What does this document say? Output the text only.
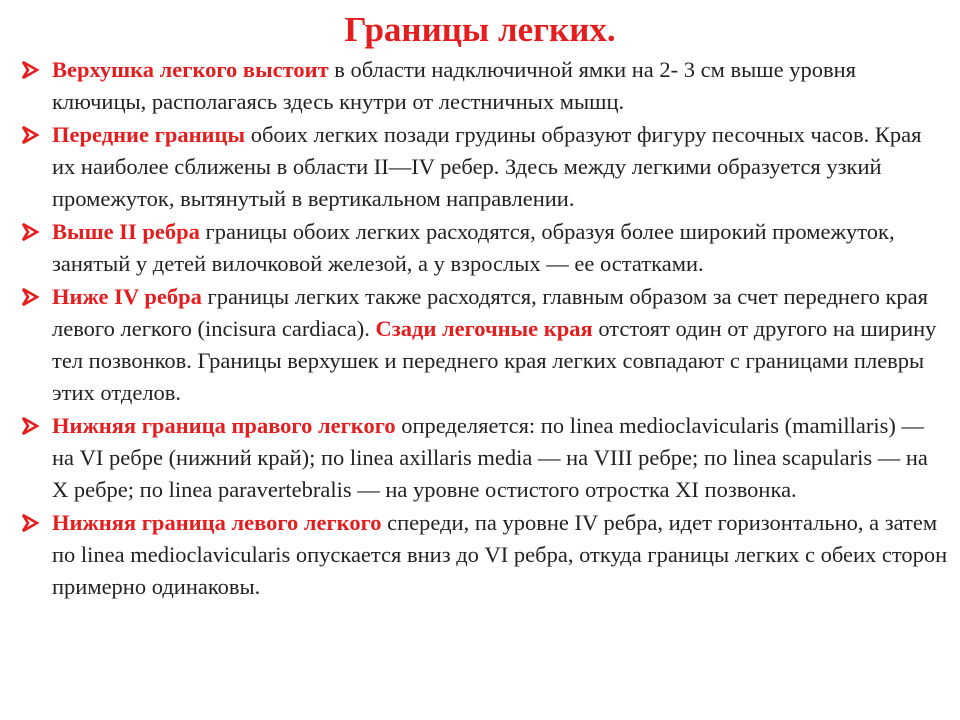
Границы легких.
Верхушка легкого выстоит в области надключичной ямки на 2- 3 см выше уровня ключицы, располагаясь здесь кнутри от лестничных мышц.
Передние границы обоих легких позади грудины образуют фигуру песочных часов. Края их наиболее сближены в области II—IV ребер. Здесь между легкими образуется узкий промежуток, вытянутый в вертикальном направлении.
Выше II ребра границы обоих легких расходятся, образуя более широкий промежуток, занятый у детей вилочковой железой, а у взрослых — ее остатками.
Ниже IV ребра границы легких также расходятся, главным образом за счет переднего края левого легкого (incisura cardiaca). Сзади легочные края отстоят один от другого на ширину тел позвонков. Границы верхушек и переднего края легких совпадают с границами плевры этих отделов.
Нижняя граница правого легкого определяется: по linea medioclavicularis (mamillaris) — на VI ребре (нижний край); по linea axillaris media — на VIII ребре; по linea scapularis — на X ребре; по linea paravertebralis — на уровне остистого отростка XI позвонка.
Нижняя граница левого легкого спереди, па уровне IV ребра, идет горизонтально, а затем по linea medioclavicularis опускается вниз до VI ребра, откуда границы легких с обеих сторон примерно одинаковы.
